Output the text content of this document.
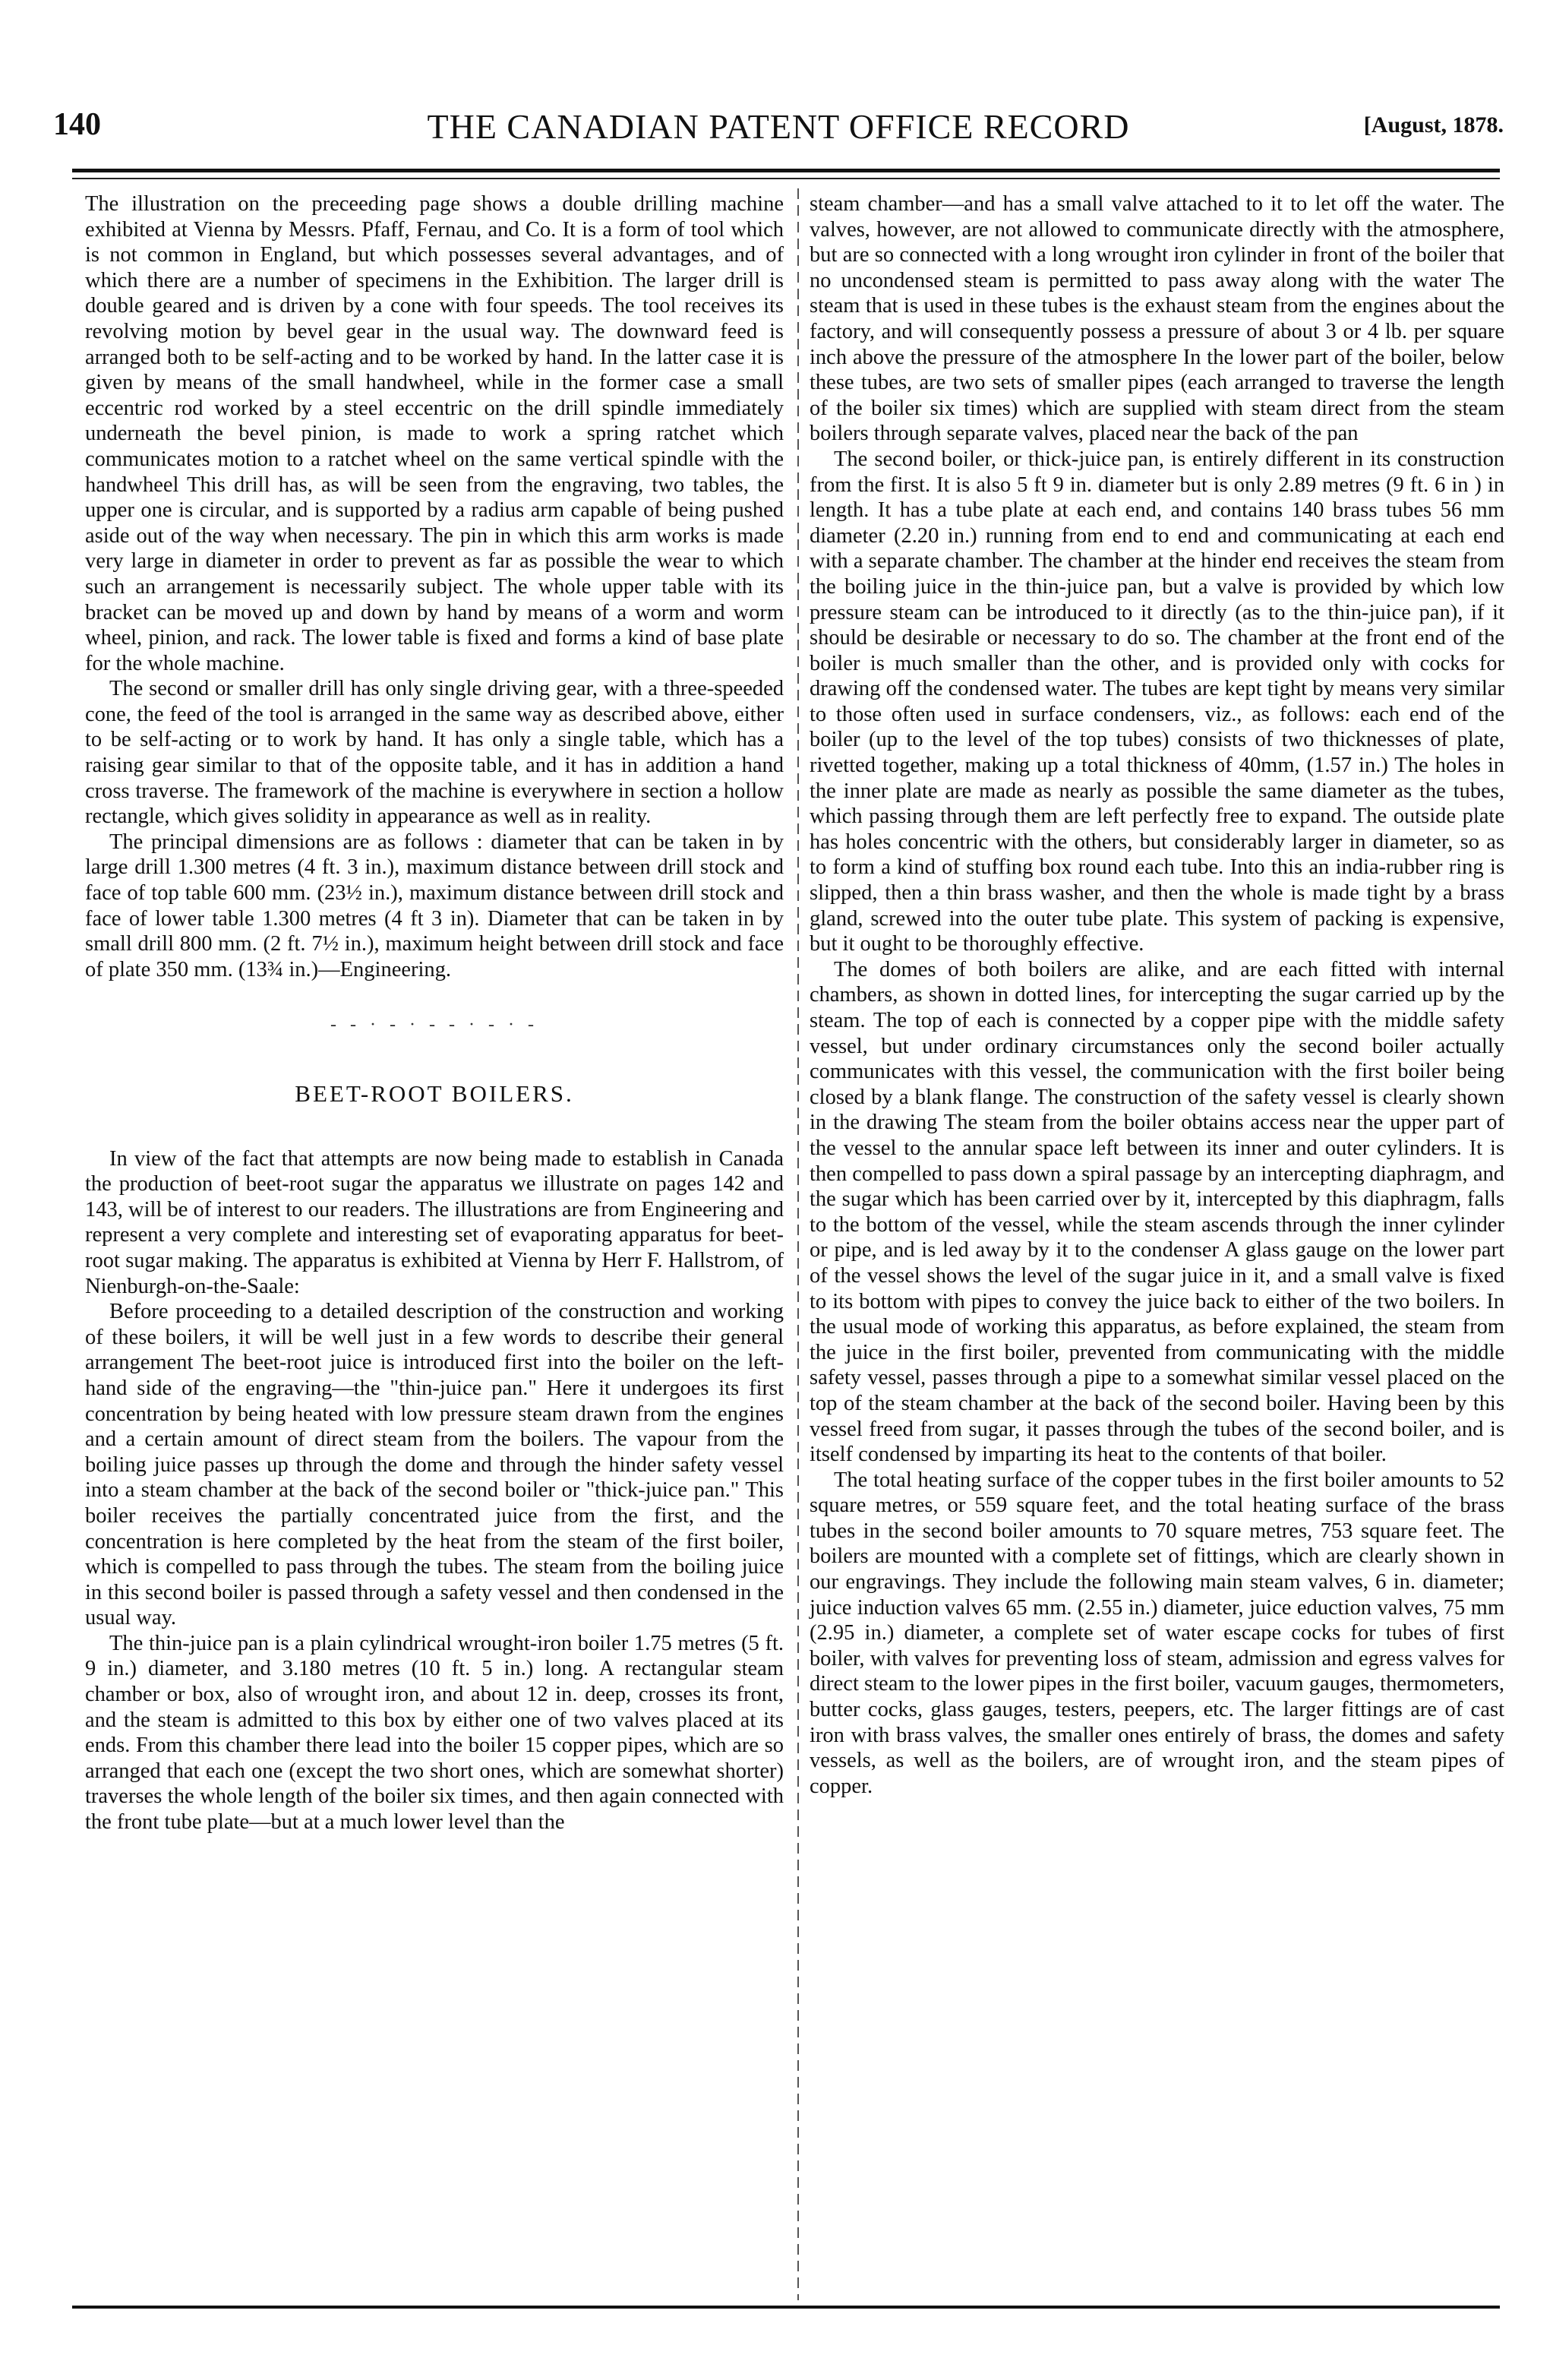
140	THE CANADIAN PATENT OFFICE RECORD	[August, 1878.

The illustration on the preceeding page shows a double drilling machine exhibited at Vienna by Messrs. Pfaff, Fernau, and Co. It is a form of tool which is not common in England, but which possesses several advantages, and of which there are a number of specimens in the Exhibition. The larger drill is double geared and is driven by a cone with four speeds. The tool receives its revolving motion by bevel gear in the usual way. The downward feed is arranged both to be self-acting and to be worked by hand. In the latter case it is given by means of the small handwheel, while in the former case a small eccentric rod worked by a steel eccentric on the drill spindle immediately underneath the bevel pinion, is made to work a spring ratchet which communicates motion to a ratchet wheel on the same vertical spindle with the handwheel This drill has, as will be seen from the engraving, two tables, the upper one is circular, and is supported by a radius arm capable of being pushed aside out of the way when necessary. The pin in which this arm works is made very large in diameter in order to prevent as far as possible the wear to which such an arrangement is necessarily subject. The whole upper table with its bracket can be moved up and down by hand by means of a worm and worm wheel, pinion, and rack. The lower table is fixed and forms a kind of base plate for the whole machine.

The second or smaller drill has only single driving gear, with a three-speeded cone, the feed of the tool is arranged in the same way as described above, either to be self-acting or to work by hand. It has only a single table, which has a raising gear similar to that of the opposite table, and it has in addition a hand cross traverse. The framework of the machine is everywhere in section a hollow rectangle, which gives solidity in appearance as well as in reality.

The principal dimensions are as follows : diameter that can be taken in by large drill 1.300 metres (4 ft. 3 in.), maximum distance between drill stock and face of top table 600 mm. (23½ in.), maximum distance between drill stock and face of lower table 1.300 metres (4 ft 3 in). Diameter that can be taken in by small drill 800 mm. (2 ft. 7½ in.), maximum height between drill stock and face of plate 350 mm. (13¾ in.)—Engineering.

- - · - · - - · - · -
BEET-ROOT BOILERS.

In view of the fact that attempts are now being made to establish in Canada the production of beet-root sugar the apparatus we illustrate on pages 142 and 143, will be of interest to our readers. The illustrations are from Engineering and represent a very complete and interesting set of evaporating apparatus for beet-root sugar making. The apparatus is exhibited at Vienna by Herr F. Hallstrom, of Nienburgh-on-the-Saale:

Before proceeding to a detailed description of the construction and working of these boilers, it will be well just in a few words to describe their general arrangement The beet-root juice is introduced first into the boiler on the left-hand side of the engraving—the "thin-juice pan." Here it undergoes its first concentration by being heated with low pressure steam drawn from the engines and a certain amount of direct steam from the boilers. The vapour from the boiling juice passes up through the dome and through the hinder safety vessel into a steam chamber at the back of the second boiler or "thick-juice pan." This boiler receives the partially concentrated juice from the first, and the concentration is here completed by the heat from the steam of the first boiler, which is compelled to pass through the tubes. The steam from the boiling juice in this second boiler is passed through a safety vessel and then condensed in the usual way.

The thin-juice pan is a plain cylindrical wrought-iron boiler 1.75 metres (5 ft. 9 in.) diameter, and 3.180 metres (10 ft. 5 in.) long. A rectangular steam chamber or box, also of wrought iron, and about 12 in. deep, crosses its front, and the steam is admitted to this box by either one of two valves placed at its ends. From this chamber there lead into the boiler 15 copper pipes, which are so arranged that each one (except the two short ones, which are somewhat shorter) traverses the whole length of the boiler six times, and then again connected with the front tube plate—but at a much lower level than the

steam chamber—and has a small valve attached to it to let off the water. The valves, however, are not allowed to communicate directly with the atmosphere, but are so connected with a long wrought iron cylinder in front of the boiler that no uncondensed steam is permitted to pass away along with the water The steam that is used in these tubes is the exhaust steam from the engines about the factory, and will consequently possess a pressure of about 3 or 4 lb. per square inch above the pressure of the atmosphere In the lower part of the boiler, below these tubes, are two sets of smaller pipes (each arranged to traverse the length of the boiler six times) which are supplied with steam direct from the steam boilers through separate valves, placed near the back of the pan

The second boiler, or thick-juice pan, is entirely different in its construction from the first. It is also 5 ft 9 in. diameter but is only 2.89 metres (9 ft. 6 in ) in length. It has a tube plate at each end, and contains 140 brass tubes 56 mm diameter (2.20 in.) running from end to end and communicating at each end with a separate chamber. The chamber at the hinder end receives the steam from the boiling juice in the thin-juice pan, but a valve is provided by which low pressure steam can be introduced to it directly (as to the thin-juice pan), if it should be desirable or necessary to do so. The chamber at the front end of the boiler is much smaller than the other, and is provided only with cocks for drawing off the condensed water. The tubes are kept tight by means very similar to those often used in surface condensers, viz., as follows: each end of the boiler (up to the level of the top tubes) consists of two thicknesses of plate, rivetted together, making up a total thickness of 40mm, (1.57 in.) The holes in the inner plate are made as nearly as possible the same diameter as the tubes, which passing through them are left perfectly free to expand. The outside plate has holes concentric with the others, but considerably larger in diameter, so as to form a kind of stuffing box round each tube. Into this an india-rubber ring is slipped, then a thin brass washer, and then the whole is made tight by a brass gland, screwed into the outer tube plate. This system of packing is expensive, but it ought to be thoroughly effective.

The domes of both boilers are alike, and are each fitted with internal chambers, as shown in dotted lines, for intercepting the sugar carried up by the steam. The top of each is connected by a copper pipe with the middle safety vessel, but under ordinary circumstances only the second boiler actually communicates with this vessel, the communication with the first boiler being closed by a blank flange. The construction of the safety vessel is clearly shown in the drawing The steam from the boiler obtains access near the upper part of the vessel to the annular space left between its inner and outer cylinders. It is then compelled to pass down a spiral passage by an intercepting diaphragm, and the sugar which has been carried over by it, intercepted by this diaphragm, falls to the bottom of the vessel, while the steam ascends through the inner cylinder or pipe, and is led away by it to the condenser A glass gauge on the lower part of the vessel shows the level of the sugar juice in it, and a small valve is fixed to its bottom with pipes to convey the juice back to either of the two boilers. In the usual mode of working this apparatus, as before explained, the steam from the juice in the first boiler, prevented from communicating with the middle safety vessel, passes through a pipe to a somewhat similar vessel placed on the top of the steam chamber at the back of the second boiler. Having been by this vessel freed from sugar, it passes through the tubes of the second boiler, and is itself condensed by imparting its heat to the contents of that boiler.

The total heating surface of the copper tubes in the first boiler amounts to 52 square metres, or 559 square feet, and the total heating surface of the brass tubes in the second boiler amounts to 70 square metres, 753 square feet. The boilers are mounted with a complete set of fittings, which are clearly shown in our engravings. They include the following main steam valves, 6 in. diameter; juice induction valves 65 mm. (2.55 in.) diameter, juice eduction valves, 75 mm (2.95 in.) diameter, a complete set of water escape cocks for tubes of first boiler, with valves for preventing loss of steam, admission and egress valves for direct steam to the lower pipes in the first boiler, vacuum gauges, thermometers, butter cocks, glass gauges, testers, peepers, etc. The larger fittings are of cast iron with brass valves, the smaller ones entirely of brass, the domes and safety vessels, as well as the boilers, are of wrought iron, and the steam pipes of copper.
